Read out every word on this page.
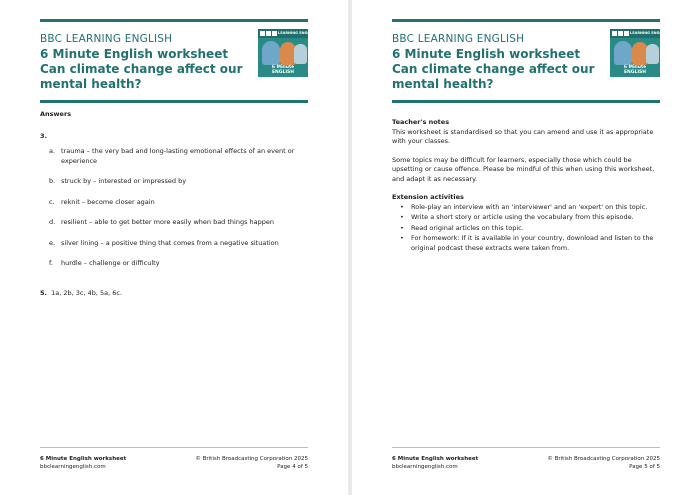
BBC LEARNING ENGLISH
6 Minute English worksheet
Can climate change affect our
mental health?
LEARNING ENGLISH
6 Minute
ENGLISH
Answers
3.
a. trauma – the very bad and long-lasting emotional effects of an event or experience
b. struck by – interested or impressed by
c. reknit – become closer again
d. resilient – able to get better more easily when bad things happen
e. silver lining – a positive thing that comes from a negative situation
f. hurdle – challenge or difficulty
5. 1a, 2b, 3c, 4b, 5a, 6c.
6 Minute English worksheet
bbclearningenglish.com
© British Broadcasting Corporation 2025
Page 4 of 5
BBC LEARNING ENGLISH
6 Minute English worksheet
Can climate change affect our
mental health?
LEARNING ENGLISH
6 Minute
ENGLISH
Teacher's notes
This worksheet is standardised so that you can amend and use it as appropriate with your classes.
Some topics may be difficult for learners, especially those which could be upsetting or cause offence. Please be mindful of this when using this worksheet, and adapt it as necessary.
Extension activities
• Role-play an interview with an 'interviewer' and an 'expert' on this topic.
• Write a short story or article using the vocabulary from this episode.
• Read original articles on this topic.
• For homework: If it is available in your country, download and listen to the original podcast these extracts were taken from.
6 Minute English worksheet
bbclearningenglish.com
© British Broadcasting Corporation 2025
Page 5 of 5
